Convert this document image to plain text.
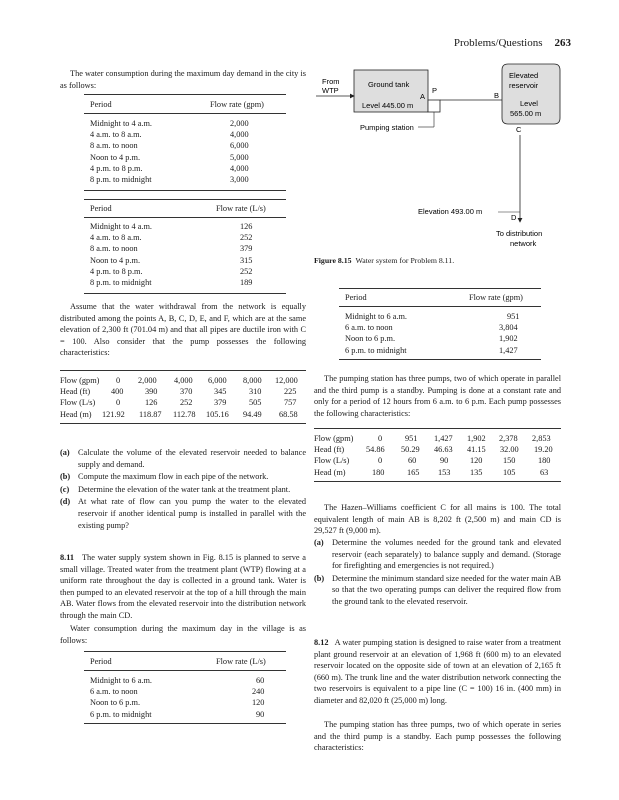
Problems/Questions 263
The water consumption during the maximum day demand in the city is as follows:
Period	Flow rate (gpm)
Midnight to 4 a.m.	2,000
4 a.m. to 8 a.m.	4,000
8 a.m. to noon	6,000
Noon to 4 p.m.	5,000
4 p.m. to 8 p.m.	4,000
8 p.m. to midnight	3,000
Period	Flow rate (L/s)
Midnight to 4 a.m.	126
4 a.m. to 8 a.m.	252
8 a.m. to noon	379
Noon to 4 p.m.	315
4 p.m. to 8 p.m.	252
8 p.m. to midnight	189
Assume that the water withdrawal from the network is equally distributed among the points A, B, C, D, E, and F, which are at the same elevation of 2,300 ft (701.04 m) and that all pipes are ductile iron with C = 100. Also consider that the pump possesses the following characteristics:
Flow (gpm) 0 2,000 4,000 6,000 8,000 12,000
Head (ft)	400	390	370	345	310	225
Flow (L/s) 0	126	252	379	505	757
Head (m) 121.92 118.87 112.78 105.16 94.49 68.58
(a) Calculate the volume of the elevated reservoir needed to balance supply and demand.
(b) Compute the maximum flow in each pipe of the network.
(c) Determine the elevation of the water tank at the treatment plant.
(d) At what rate of flow can you pump the water to the elevated reservoir if another identical pump is installed in parallel with the existing pump?
8.11 The water supply system shown in Fig. 8.15 is planned to serve a small village. Treated water from the treatment plant (WTP) flowing at a uniform rate throughout the day is collected in a ground tank. Water is then pumped to an elevated reservoir at the top of a hill through the main AB. Water flows from the elevated reservoir into the distribution network through the main CD.
Water consumption during the maximum day in the village is as follows:
Period	Flow rate (L/s)
Midnight to 6 a.m.	60
6 a.m. to noon	240
Noon to 6 p.m.	120
6 p.m. to midnight	90
From
WTP
Ground tank
Level 445.00 m
Pumping station
A
P
B
Elevated
reservoir
Level
565.00 m
C
D
Elevation 493.00 m
To distribution
network
Figure 8.15 Water system for Problem 8.11.
Period	Flow rate (gpm)
Midnight to 6 a.m.	951
6 a.m. to noon	3,804
Noon to 6 p.m.	1,902
6 p.m. to midnight	1,427
The pumping station has three pumps, two of which operate in parallel and the third pump is a standby. Pumping is done at a constant rate and only for a period of 12 hours from 6 a.m. to 6 p.m. Each pump possesses the following characteristics:
Flow (gpm)	0	951 1,427 1,902 2,378 2,853
Head (ft)	54.86 50.29 46.63 41.15 32.00 19.20
Flow (L/s)	0	60	90	120 150	180
Head (m)	180	165 153 135 105	63
The Hazen–Williams coefficient C for all mains is 100. The total equivalent length of main AB is 8,202 ft (2,500 m) and main CD is 29,527 ft (9,000 m).
(a) Determine the volumes needed for the ground tank and elevated reservoir (each separately) to balance supply and demand. (Storage for firefighting and emergencies is not required.)
(b) Determine the minimum standard size needed for the water main AB so that the two operating pumps can deliver the required flow from the ground tank to the elevated reservoir.
8.12 A water pumping station is designed to raise water from a treatment plant ground reservoir at an elevation of 1,968 ft (600 m) to an elevated reservoir located on the opposite side of town at an elevation of 2,165 ft (660 m). The trunk line and the water distribution network connecting the two reservoirs is equivalent to a pipe line (C = 100) 16 in. (400 mm) in diameter and 82,020 ft (25,000 m) long.
The pumping station has three pumps, two of which operate in series and the third pump is a standby. Each pump possesses the following characteristics:
